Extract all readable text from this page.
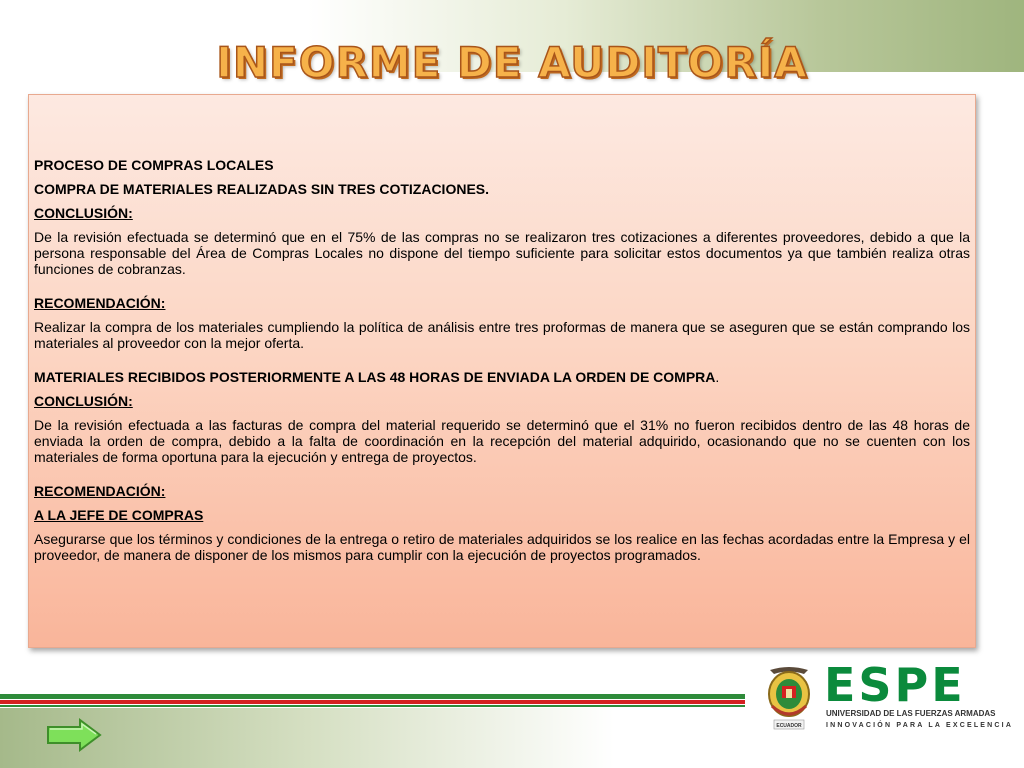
INFORME DE AUDITORÍA

PROCESO DE COMPRAS LOCALES

COMPRA DE MATERIALES REALIZADAS SIN TRES COTIZACIONES.

CONCLUSIÓN:

De la revisión efectuada se determinó que en el 75% de las compras no se realizaron tres cotizaciones a diferentes proveedores, debido a que la persona responsable del Área de Compras Locales no dispone del tiempo suficiente para solicitar estos documentos ya que también realiza otras funciones de cobranzas.

RECOMENDACIÓN:

Realizar la compra de los materiales cumpliendo la política de análisis entre tres proformas de manera que se aseguren que se están comprando los materiales al proveedor con la mejor oferta.

MATERIALES RECIBIDOS POSTERIORMENTE A LAS 48 HORAS DE ENVIADA LA ORDEN DE COMPRA.

CONCLUSIÓN:

De la revisión efectuada a las facturas de compra del material requerido se determinó que el 31% no fueron recibidos dentro de las 48 horas de enviada la orden de compra, debido a la falta de coordinación en la recepción del material adquirido, ocasionando que no se cuenten con los materiales de forma oportuna para la ejecución y entrega de proyectos.

RECOMENDACIÓN:

A LA JEFE DE COMPRAS

Asegurarse que los términos y condiciones de la entrega o retiro de materiales adquiridos se los realice en las fechas acordadas entre la Empresa y el proveedor, de manera de disponer de los mismos para cumplir con la ejecución de proyectos programados.

ECUADOR
ESPE
UNIVERSIDAD DE LAS FUERZAS ARMADAS
INNOVACIÓN PARA LA EXCELENCIA
